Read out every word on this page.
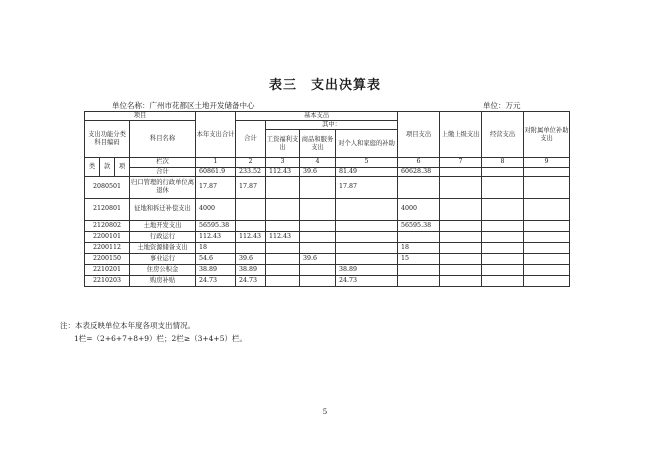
表三 支出决算表
单位名称：广州市花都区土地开发储备中心	单位：万元
项目				本年支出合计	基本支出				项目支出	上缴上级支出	经营支出	对附属单位补助支出
支出功能分类科目编码			科目名称		合计	其中：						
						工资福利支出	商品和服务支出	对个人和家庭的补助				
类	款	项	栏次	1	2	3	4	5	6	7	8	9
			合计	60861.9	233.52	112.43	39.6	81.49	60628.38			
2080501			归口管理的行政单位离退休	17.87	17.87			17.87				
2120801			征地和拆迁补偿支出	4000					4000			
2120802			土地开发支出	56595.38					56595.38			
2200101			行政运行	112.43	112.43	112.43						
2200112			土地资源储备支出	18					18			
2200150			事业运行	54.6	39.6		39.6		15			
2210201			住房公积金	38.89	38.89			38.89				
2210203			购房补贴	24.73	24.73			24.73				
注：本表反映单位本年度各项支出情况。
1栏=（2+6+7+8+9）栏；2栏≥（3+4+5）栏。
5
